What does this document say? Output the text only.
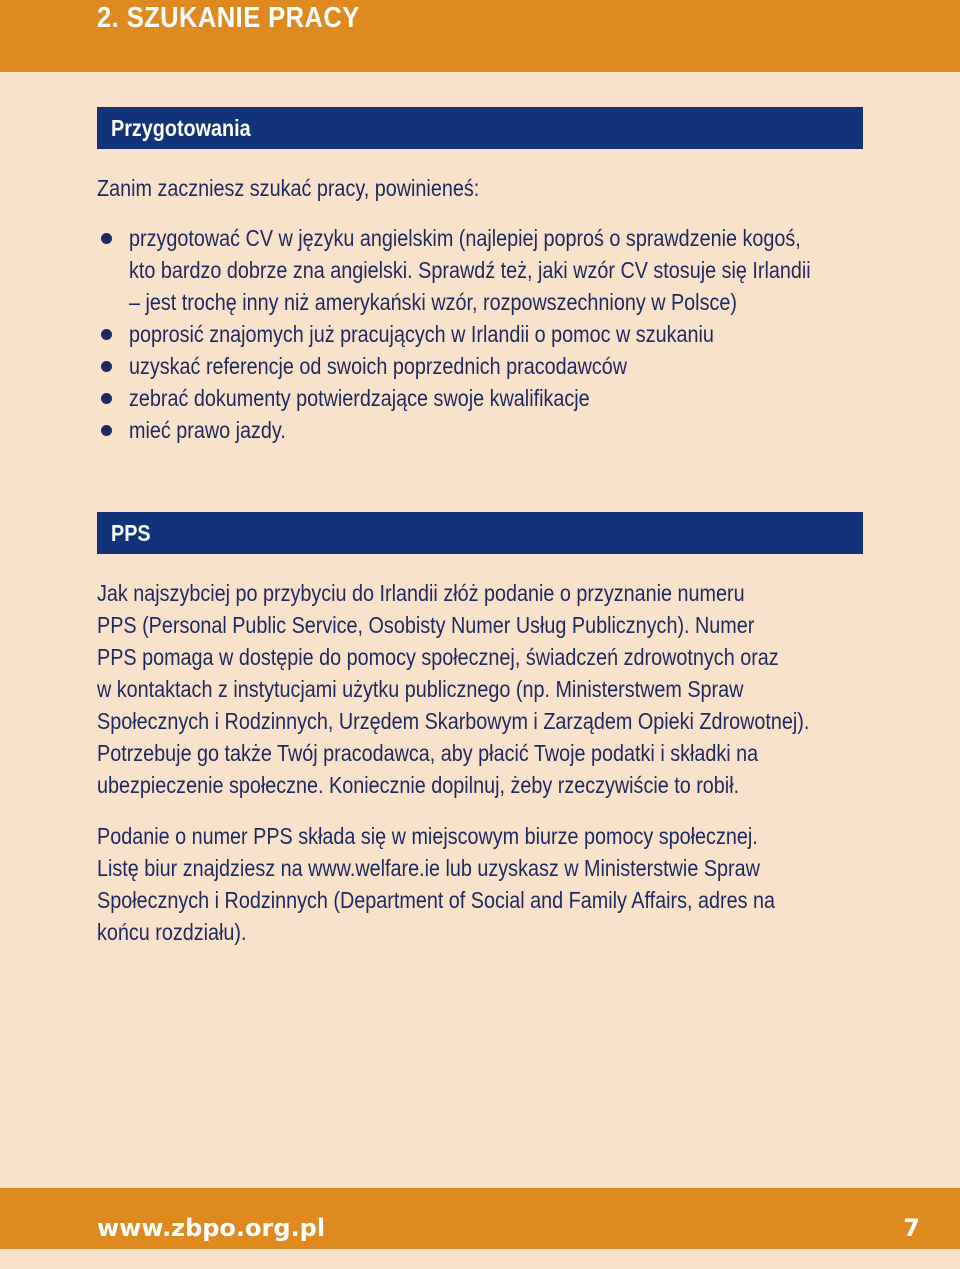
2. SZUKANIE PRACY
Przygotowania
Zanim zaczniesz szukać pracy, powinieneś:
przygotować CV w języku angielskim (najlepiej poproś o sprawdzenie kogoś,
kto bardzo dobrze zna angielski. Sprawdź też, jaki wzór CV stosuje się Irlandii
– jest trochę inny niż amerykański wzór, rozpowszechniony w Polsce)
poprosić znajomych już pracujących w Irlandii o pomoc w szukaniu
uzyskać referencje od swoich poprzednich pracodawców
zebrać dokumenty potwierdzające swoje kwalifikacje
mieć prawo jazdy.
PPS
Jak najszybciej po przybyciu do Irlandii złóż podanie o przyznanie numeru
PPS (Personal Public Service, Osobisty Numer Usług Publicznych). Numer
PPS pomaga w dostępie do pomocy społecznej, świadczeń zdrowotnych oraz
w kontaktach z instytucjami użytku publicznego (np. Ministerstwem Spraw
Społecznych i Rodzinnych, Urzędem Skarbowym i Zarządem Opieki Zdrowotnej).
Potrzebuje go także Twój pracodawca, aby płacić Twoje podatki i składki na
ubezpieczenie społeczne. Koniecznie dopilnuj, żeby rzeczywiście to robił.
Podanie o numer PPS składa się w miejscowym biurze pomocy społecznej.
Listę biur znajdziesz na www.welfare.ie lub uzyskasz w Ministerstwie Spraw
Społecznych i Rodzinnych (Department of Social and Family Affairs, adres na
końcu rozdziału).
www.zbpo.org.pl	7
